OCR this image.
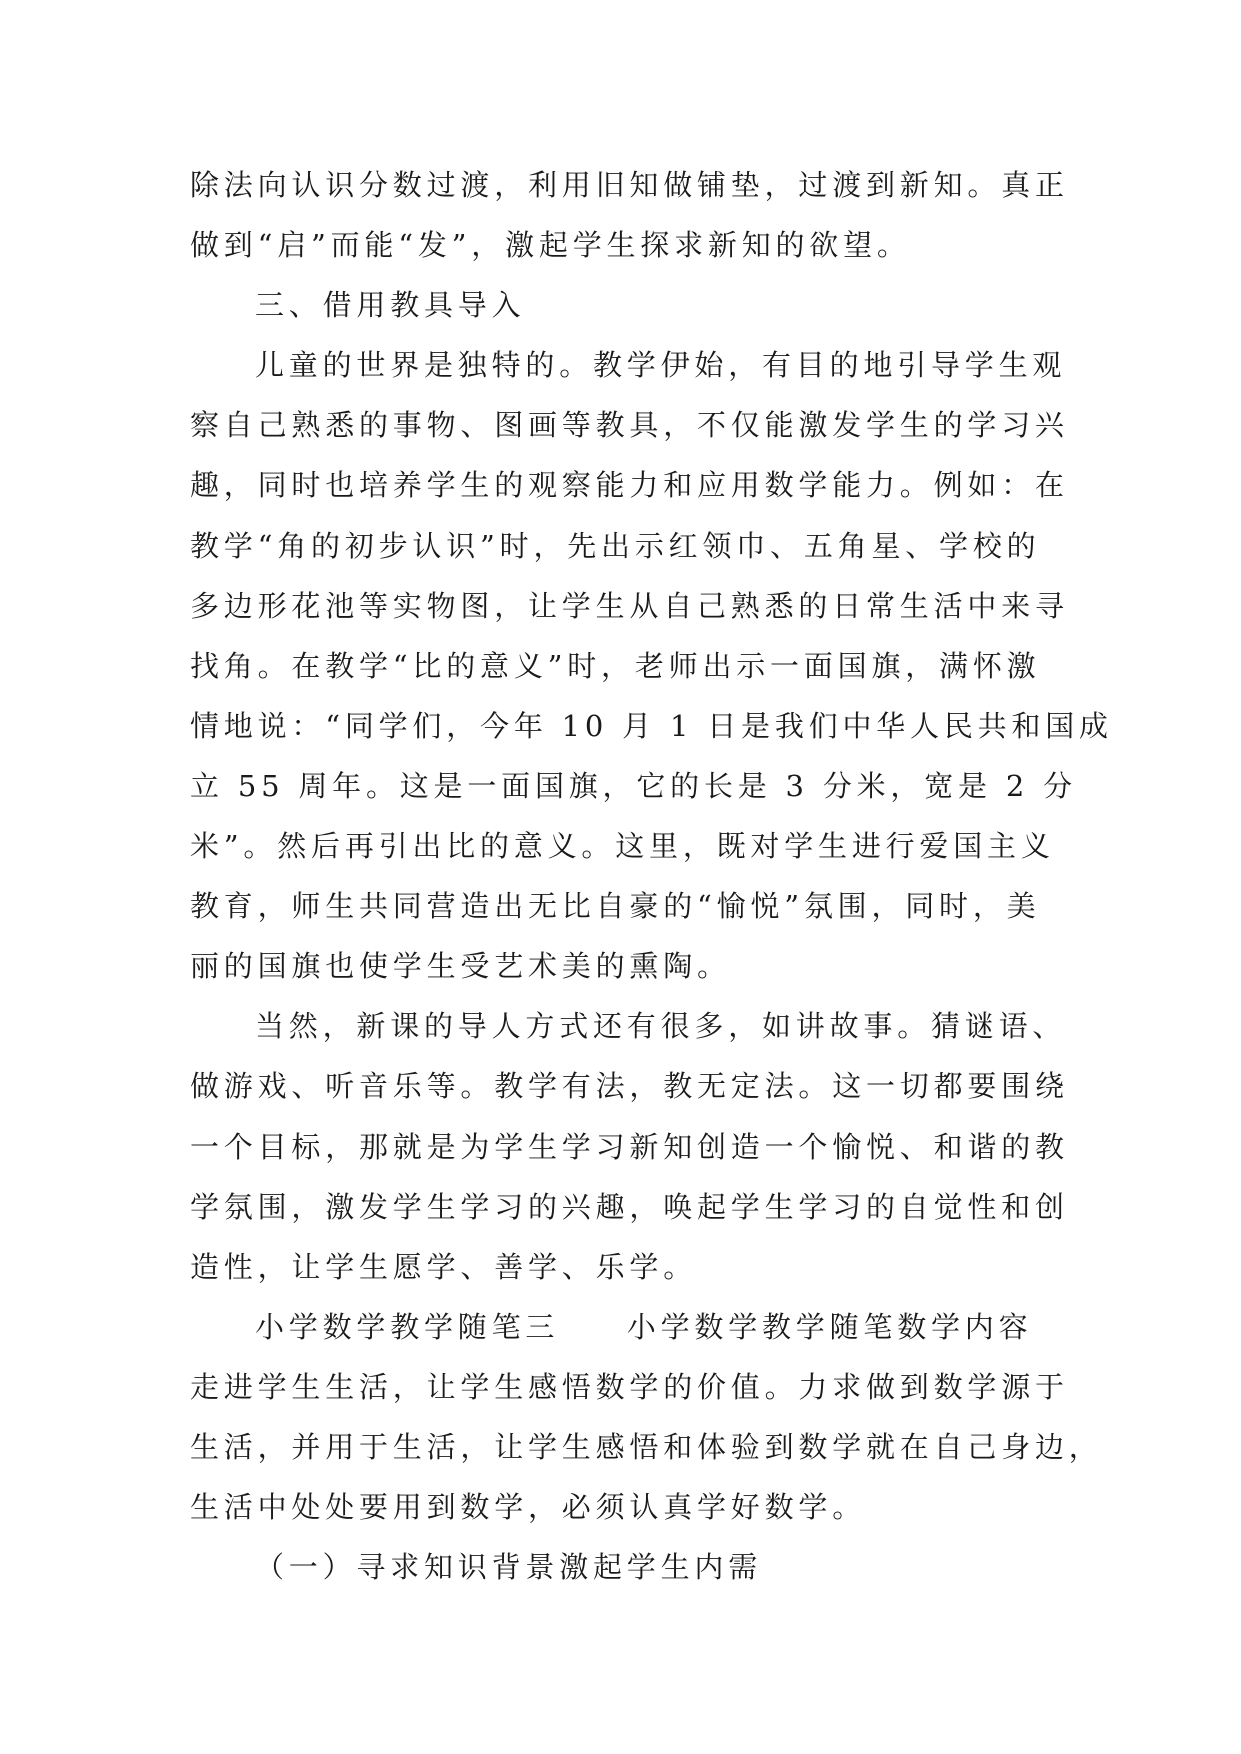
除法向认识分数过渡，利用旧知做铺垫，过渡到新知。真正
做到“启”而能“发”，激起学生探求新知的欲望。
三、借用教具导入
儿童的世界是独特的。教学伊始，有目的地引导学生观
察自己熟悉的事物、图画等教具，不仅能激发学生的学习兴
趣，同时也培养学生的观察能力和应用数学能力。例如：在
教学“角的初步认识”时，先出示红领巾、五角星、学校的
多边形花池等实物图，让学生从自己熟悉的日常生活中来寻
找角。在教学“比的意义”时，老师出示一面国旗，满怀激
情地说：“同学们，今年 10 月 1 日是我们中华人民共和国成
立 55 周年。这是一面国旗，它的长是 3 分米，宽是 2 分
米”。然后再引出比的意义。这里，既对学生进行爱国主义
教育，师生共同营造出无比自豪的“愉悦”氛围，同时，美
丽的国旗也使学生受艺术美的熏陶。
当然，新课的导人方式还有很多，如讲故事。猜谜语、
做游戏、听音乐等。教学有法，教无定法。这一切都要围绕
一个目标，那就是为学生学习新知创造一个愉悦、和谐的教
学氛围，激发学生学习的兴趣，唤起学生学习的自觉性和创
造性，让学生愿学、善学、乐学。
小学数学教学随笔三　　小学数学教学随笔数学内容
走进学生生活，让学生感悟数学的价值。力求做到数学源于
生活，并用于生活，让学生感悟和体验到数学就在自己身边，
生活中处处要用到数学，必须认真学好数学。
（一）寻求知识背景激起学生内需
